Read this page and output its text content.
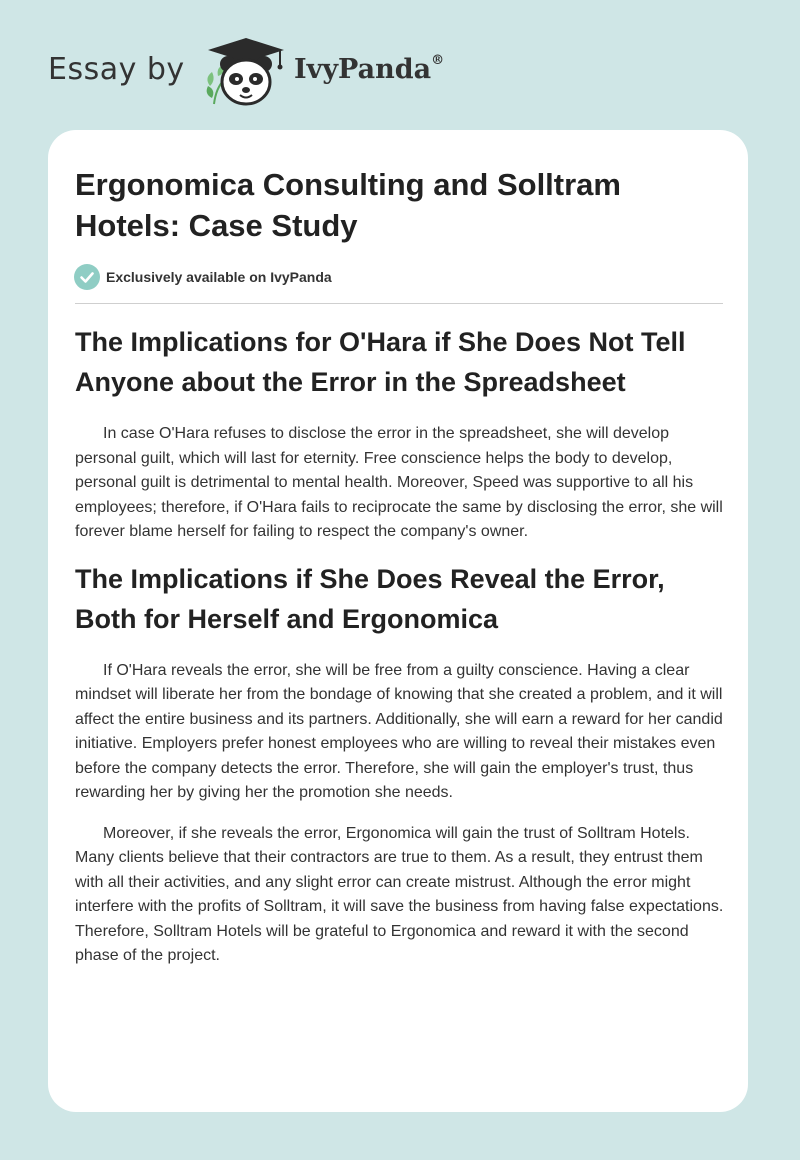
Essay by	IvyPanda®
Ergonomica Consulting and Solltram Hotels: Case Study
Exclusively available on IvyPanda
The Implications for O'Hara if She Does Not Tell Anyone about the Error in the Spreadsheet

In case O'Hara refuses to disclose the error in the spreadsheet, she will develop personal guilt, which will last for eternity. Free conscience helps the body to develop, personal guilt is detrimental to mental health. Moreover, Speed was supportive to all his employees; therefore, if O'Hara fails to reciprocate the same by disclosing the error, she will forever blame herself for failing to respect the company's owner.

The Implications if She Does Reveal the Error, Both for Herself and Ergonomica

If O'Hara reveals the error, she will be free from a guilty conscience. Having a clear mindset will liberate her from the bondage of knowing that she created a problem, and it will affect the entire business and its partners. Additionally, she will earn a reward for her candid initiative. Employers prefer honest employees who are willing to reveal their mistakes even before the company detects the error. Therefore, she will gain the employer's trust, thus rewarding her by giving her the promotion she needs.

Moreover, if she reveals the error, Ergonomica will gain the trust of Solltram Hotels. Many clients believe that their contractors are true to them. As a result, they entrust them with all their activities, and any slight error can create mistrust. Although the error might interfere with the profits of Solltram, it will save the business from having false expectations. Therefore, Solltram Hotels will be grateful to Ergonomica and reward it with the second phase of the project.
